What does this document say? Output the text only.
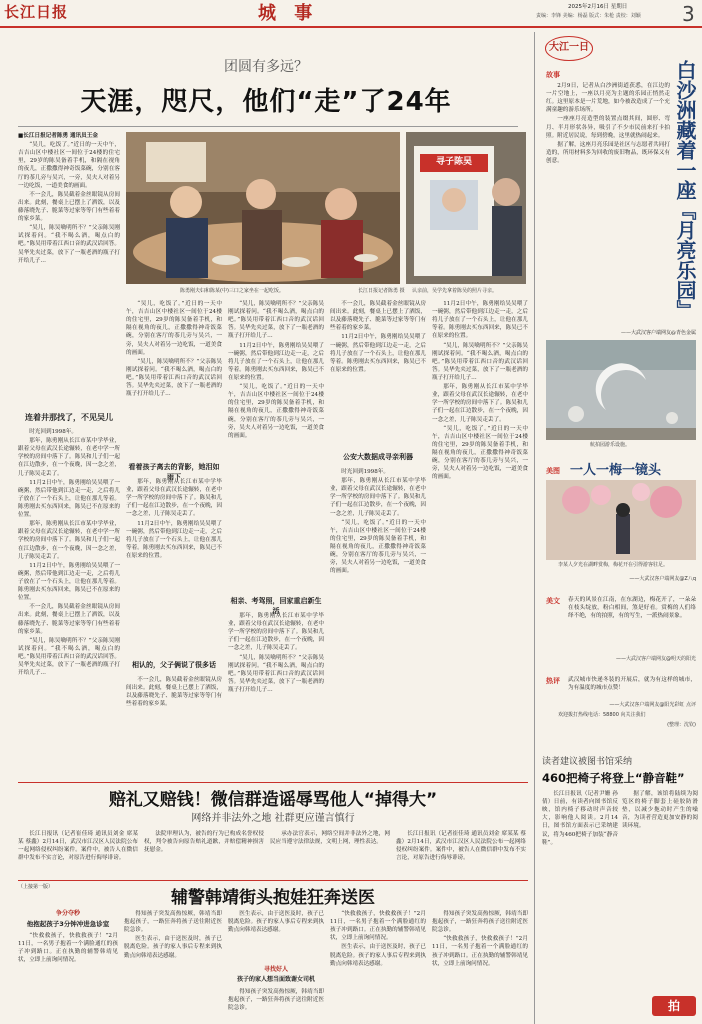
长江日报	城 事	2025年2月16日 星期日
责编：李锋 美编：杨磊 版式：朱枪 责校：刘颖 3
团圆有多远？
天涯，咫尺，他们“走”了24年

■长江日报记者陈勇 通讯员王金

“吴儿，吃饭了。”近日的一天中午，吉吉山区中楼社区一间位于24楼的住宅里，29岁的陈吴备着手机，和隔在视角的夜儿，正撒撒得神奇饭菜碗，分别在客厅的茶几旁与吴兴，一旁，吴夫人对着另一边吃饭，一道美食的画面。

不一会儿，陈吴截着金丝眼镜从房间出来。此刻，餐桌上已摆上了洒饭，以及藤落晓先子、脆菜等过家等等门有些着着的家乡菜。

“吴儿，陈吴噙明所不？”父亲陈吴刚试探着问。“我不喝么酒，喝点白的吧。”陈吴用带着江西口音的武汉话回答。吴华先夹过菜，放下了一瓶老酒的瓶子打开给儿子…

连着井那找了，不见吴儿

时光回到1998年。

那年，陈勇刚从长江市某中学毕业，跟着父母在武汉长途辗转，在老中学一所学校的房间中落下了。陈吴和儿子们一起在江边散步，在一个夜晚，因一念之差，儿子陈吴走丢了。

11月2日中午，陈勇刚给吴吴喂了一碗粥，然后带他到江边走一走，之后将儿子放在了一个石头上，让他在那儿等着。陈勇刚去买东西回来，陈吴已不在原来的位置。

那年，陈勇刚从长江市某中学毕业，跟着父母在武汉长途辗转，在老中学一所学校的房间中落下了。陈吴和儿子们一起在江边散步，在一个夜晚，因一念之差，儿子陈吴走丢了。

11月2日中午，陈勇刚给吴吴喂了一碗粥，然后带他到江边走一走，之后将儿子放在了一个石头上，让他在那儿等着。陈勇刚去买东西回来，陈吴已不在原来的位置。

不一会儿，陈吴截着金丝眼镜从房间出来。此刻，餐桌上已摆上了洒饭，以及藤落晓先子、脆菜等过家等等门有些着着的家乡菜。

“吴儿，陈吴噙明所不？”父亲陈吴刚试探着问。“我不喝么酒，喝点白的吧。”陈吴用带着江西口音的武汉话回答。吴华先夹过菜，放下了一瓶老酒的瓶子打开给儿子…

寻子陈吴
陈勇刚夫妇和陈某(中)三口之家坐在一起吃饭。	长江日报记者陈勇 摄	认亲前，吴学先拿着陈吴的照片寻亲。

“吴儿，吃饭了。”近日的一天中午，吉吉山区中楼社区一间位于24楼的住宅里，29岁的陈吴备着手机，和隔在视角的夜儿，正撒撒得神奇饭菜碗，分别在客厅的茶几旁与吴兴，一旁，吴夫人对着另一边吃饭，一道美食的画面。

“吴儿，陈吴噙明所不？”父亲陈吴刚试探着问。“我不喝么酒，喝点白的吧。”陈吴用带着江西口音的武汉话回答。吴华先夹过菜，放下了一瓶老酒的瓶子打开给儿子…

看着孩子离去的背影，她泪如雨下

那年，陈勇刚从长江市某中学毕业，跟着父母在武汉长途辗转，在老中学一所学校的房间中落下了。陈吴和儿子们一起在江边散步，在一个夜晚，因一念之差，儿子陈吴走丢了。

11月2日中午，陈勇刚给吴吴喂了一碗粥，然后带他到江边走一走，之后将儿子放在了一个石头上，让他在那儿等着。陈勇刚去买东西回来，陈吴已不在原来的位置。

相认的，父子俩说了很多话

不一会儿，陈吴截着金丝眼镜从房间出来。此刻，餐桌上已摆上了洒饭，以及藤落晓先子、脆菜等过家等等门有些着着的家乡菜。

“吴儿，陈吴噙明所不？”父亲陈吴刚试探着问。“我不喝么酒，喝点白的吧。”陈吴用带着江西口音的武汉话回答。吴华先夹过菜，放下了一瓶老酒的瓶子打开给儿子…

11月2日中午，陈勇刚给吴吴喂了一碗粥，然后带他到江边走一走，之后将儿子放在了一个石头上，让他在那儿等着。陈勇刚去买东西回来，陈吴已不在原来的位置。

“吴儿，吃饭了。”近日的一天中午，吉吉山区中楼社区一间位于24楼的住宅里，29岁的陈吴备着手机，和隔在视角的夜儿，正撒撒得神奇饭菜碗，分别在客厅的茶几旁与吴兴，一旁，吴夫人对着另一边吃饭，一道美食的画面。

相亲、考驾照，回家重启新生活

那年，陈勇刚从长江市某中学毕业，跟着父母在武汉长途辗转，在老中学一所学校的房间中落下了。陈吴和儿子们一起在江边散步，在一个夜晚，因一念之差，儿子陈吴走丢了。

“吴儿，陈吴噙明所不？”父亲陈吴刚试探着问。“我不喝么酒，喝点白的吧。”陈吴用带着江西口音的武汉话回答。吴华先夹过菜，放下了一瓶老酒的瓶子打开给儿子…

不一会儿，陈吴截着金丝眼镜从房间出来。此刻，餐桌上已摆上了洒饭，以及藤落晓先子、脆菜等过家等等门有些着着的家乡菜。

11月2日中午，陈勇刚给吴吴喂了一碗粥，然后带他到江边走一走，之后将儿子放在了一个石头上，让他在那儿等着。陈勇刚去买东西回来，陈吴已不在原来的位置。

公安大数据成寻亲利器

时光回到1998年。

那年，陈勇刚从长江市某中学毕业，跟着父母在武汉长途辗转，在老中学一所学校的房间中落下了。陈吴和儿子们一起在江边散步，在一个夜晚，因一念之差，儿子陈吴走丢了。

“吴儿，吃饭了。”近日的一天中午，吉吉山区中楼社区一间位于24楼的住宅里，29岁的陈吴备着手机，和隔在视角的夜儿，正撒撒得神奇饭菜碗，分别在客厅的茶几旁与吴兴，一旁，吴夫人对着另一边吃饭，一道美食的画面。

11月2日中午，陈勇刚给吴吴喂了一碗粥，然后带他到江边走一走，之后将儿子放在了一个石头上，让他在那儿等着。陈勇刚去买东西回来，陈吴已不在原来的位置。

“吴儿，陈吴噙明所不？”父亲陈吴刚试探着问。“我不喝么酒，喝点白的吧。”陈吴用带着江西口音的武汉话回答。吴华先夹过菜，放下了一瓶老酒的瓶子打开给儿子…

那年，陈勇刚从长江市某中学毕业，跟着父母在武汉长途辗转，在老中学一所学校的房间中落下了。陈吴和儿子们一起在江边散步，在一个夜晚，因一念之差，儿子陈吴走丢了。

“吴儿，吃饭了。”近日的一天中午，吉吉山区中楼社区一间位于24楼的住宅里，29岁的陈吴备着手机，和隔在视角的夜儿，正撒撒得神奇饭菜碗，分别在客厅的茶几旁与吴兴，一旁，吴夫人对着另一边吃饭，一道美食的画面。

大江一日
故事	白沙洲藏着一座『月亮乐园』

2月9日，记者从白沙洲街道获悉，在江边的一片空地上，一座以月亮为主题的乐园正悄然走红。这里原本是一片荒地，如今被改造成了一个充满童趣的游乐场所。

一座座月亮造型的装置点缀其间，圆形、弯月、半月形状各异，吸引了不少市民前来打卡拍照。附近居民说，每到傍晚，这里就热闹起来。

据了解，这座月亮乐园是社区与志愿者共同打造的，所用材料多为回收的废旧物品，既环保又有创意。

——大武汉客户端网友@青色金属
航拍园游乐设施。
美图 一人一梅一镜头
李某人夕光在湖畔赏梅，梅花开在引得游客驻足。
——大武汉客户端网友@Z八q
美文 春天的风景在江南，在东湖边，梅花开了，一朵朵在枝头绽放，粉白相间，煞是好看。赏梅的人们络绎不绝，有的拍照，有的写生，一派热闹景象。

——大武汉客户端网友@明天的阳光
热评 武汉城市快递冬装的开展后，就为有这样的城市，为有温度的城市点赞！

——大武汉客户端网友@阳光彩虹 点评
欢迎拨打热线电话：58800 向关注我们
(整理：沈钦)
赔礼又赔钱！微信群造谣辱骂他人“掉得大”
网络并非法外之地 社群更应谨言慎行

长江日报讯（记者崔佳琦 通讯员刘金 席某某 蔡鑫）2月14日，武汉市江汉区人民法院公布一起网络侵权纠纷案件。案件中，被告人在微信群中发布不实言论，对原告进行侮辱诽谤。

法院审理认为，被告的行为已构成名誉权侵权，判令被告向原告赔礼道歉，并赔偿精神损害抚慰金。

承办法官表示，网络空间并非法外之地，网民应当遵守法律法规，文明上网，理性表达。

长江日报讯（记者崔佳琦 通讯员刘金 席某某 蔡鑫）2月14日，武汉市江汉区人民法院公布一起网络侵权纠纷案件。案件中，被告人在微信群中发布不实言论，对原告进行侮辱诽谤。

读者建议被图书馆采纳
460把椅子将登上“静音鞋”

长江日报讯（记者尹姗 孙倩）日前，有读者向图书馆反映，馆内椅子移动时声音较大，影响他人阅读。2月14日，图书馆方面表示已采纳建议，将为460把椅子加装“静音鞋”。

据了解，该馆将陆续为阅览区的椅子脚套上硅胶防滑垫，以减少拖动时产生的噪音，为读者营造更加安静的阅读环境。

拍
（上接第一版）
辅警韩靖街头抱娃狂奔送医
争分夺秒
他抱起孩子3分钟冲进急诊室

“快救救孩子，快救救孩子！”2月11日，一名男子抱着一个满脸通红的孩子冲到路口。正在执勤的辅警韩靖见状，立即上前询问情况。

得知孩子突发高热惊厥，韩靖当即抱起孩子，一路狂奔将孩子送往附近医院急诊。

医生表示，由于送医及时，孩子已脱离危险。孩子的家人事后专程来到执勤点向韩靖表达感谢。

寻找好人
孩子的家人想当面致谢女司机

医生表示，由于送医及时，孩子已脱离危险。孩子的家人事后专程来到执勤点向韩靖表达感谢。

得知孩子突发高热惊厥，韩靖当即抱起孩子，一路狂奔将孩子送往附近医院急诊。

“快救救孩子，快救救孩子！”2月11日，一名男子抱着一个满脸通红的孩子冲到路口。正在执勤的辅警韩靖见状，立即上前询问情况。

医生表示，由于送医及时，孩子已脱离危险。孩子的家人事后专程来到执勤点向韩靖表达感谢。

得知孩子突发高热惊厥，韩靖当即抱起孩子，一路狂奔将孩子送往附近医院急诊。

“快救救孩子，快救救孩子！”2月11日，一名男子抱着一个满脸通红的孩子冲到路口。正在执勤的辅警韩靖见状，立即上前询问情况。
